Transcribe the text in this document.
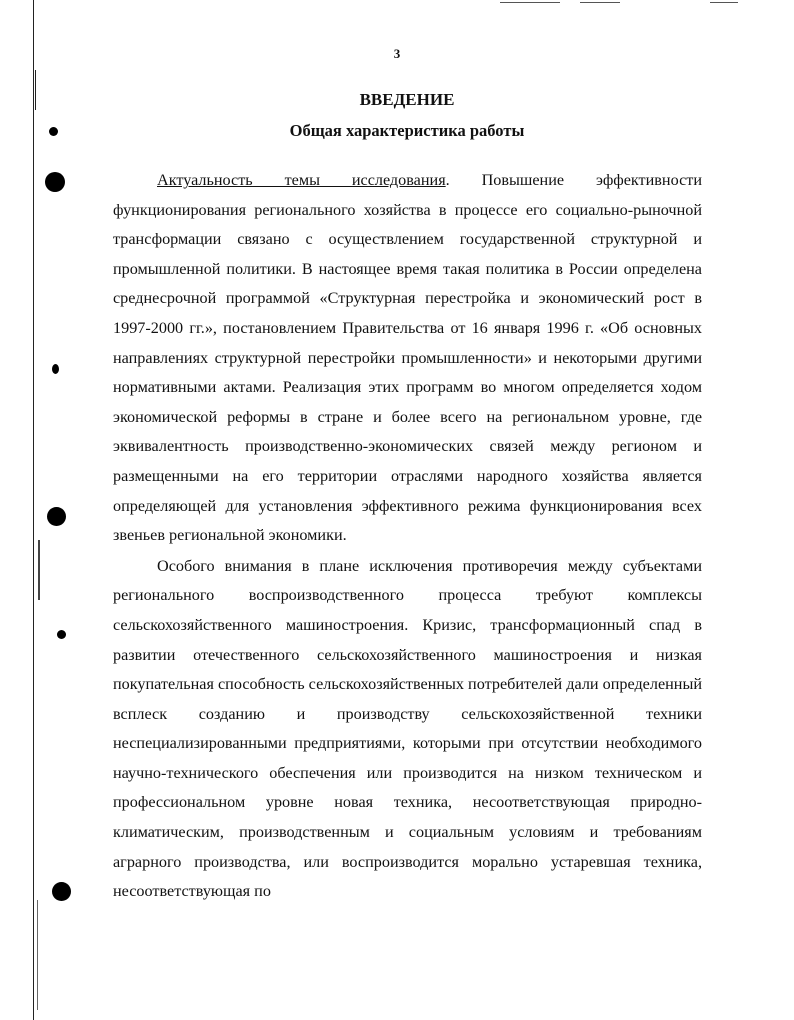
3
ВВЕДЕНИЕ
Общая характеристика работы

Актуальность темы исследования. Повышение эффективности функционирования регионального хозяйства в процессе его социально-рыночной трансформации связано с осуществлением государственной структурной и промышленной политики. В настоящее время такая политика в России определена среднесрочной программой «Структурная перестройка и экономический рост в 1997-2000 гг.», постановлением Правительства от 16 января 1996 г. «Об основных направлениях структурной перестройки промышленности» и некоторыми другими нормативными актами. Реализация этих программ во многом определяется ходом экономической реформы в стране и более всего на региональном уровне, где эквивалентность производственно-экономических связей между регионом и размещенными на его территории отраслями народного хозяйства является определяющей для установления эффективного режима функционирования всех звеньев региональной экономики.

Особого внимания в плане исключения противоречия между субъектами регионального воспроизводственного процесса требуют комплексы сельскохозяйственного машиностроения. Кризис, трансформационный спад в развитии отечественного сельскохозяйственного машиностроения и низкая покупательная способность сельскохозяйственных потребителей дали определенный всплеск созданию и производству сельскохозяйственной техники неспециализированными предприятиями, которыми при отсутствии необходимого научно-технического обеспечения или производится на низком техническом и профессиональном уровне новая техника, несоответствующая природно-климатическим, производственным и социальным условиям и требованиям аграрного производства, или воспроизводится морально устаревшая техника, несоответствующая по
